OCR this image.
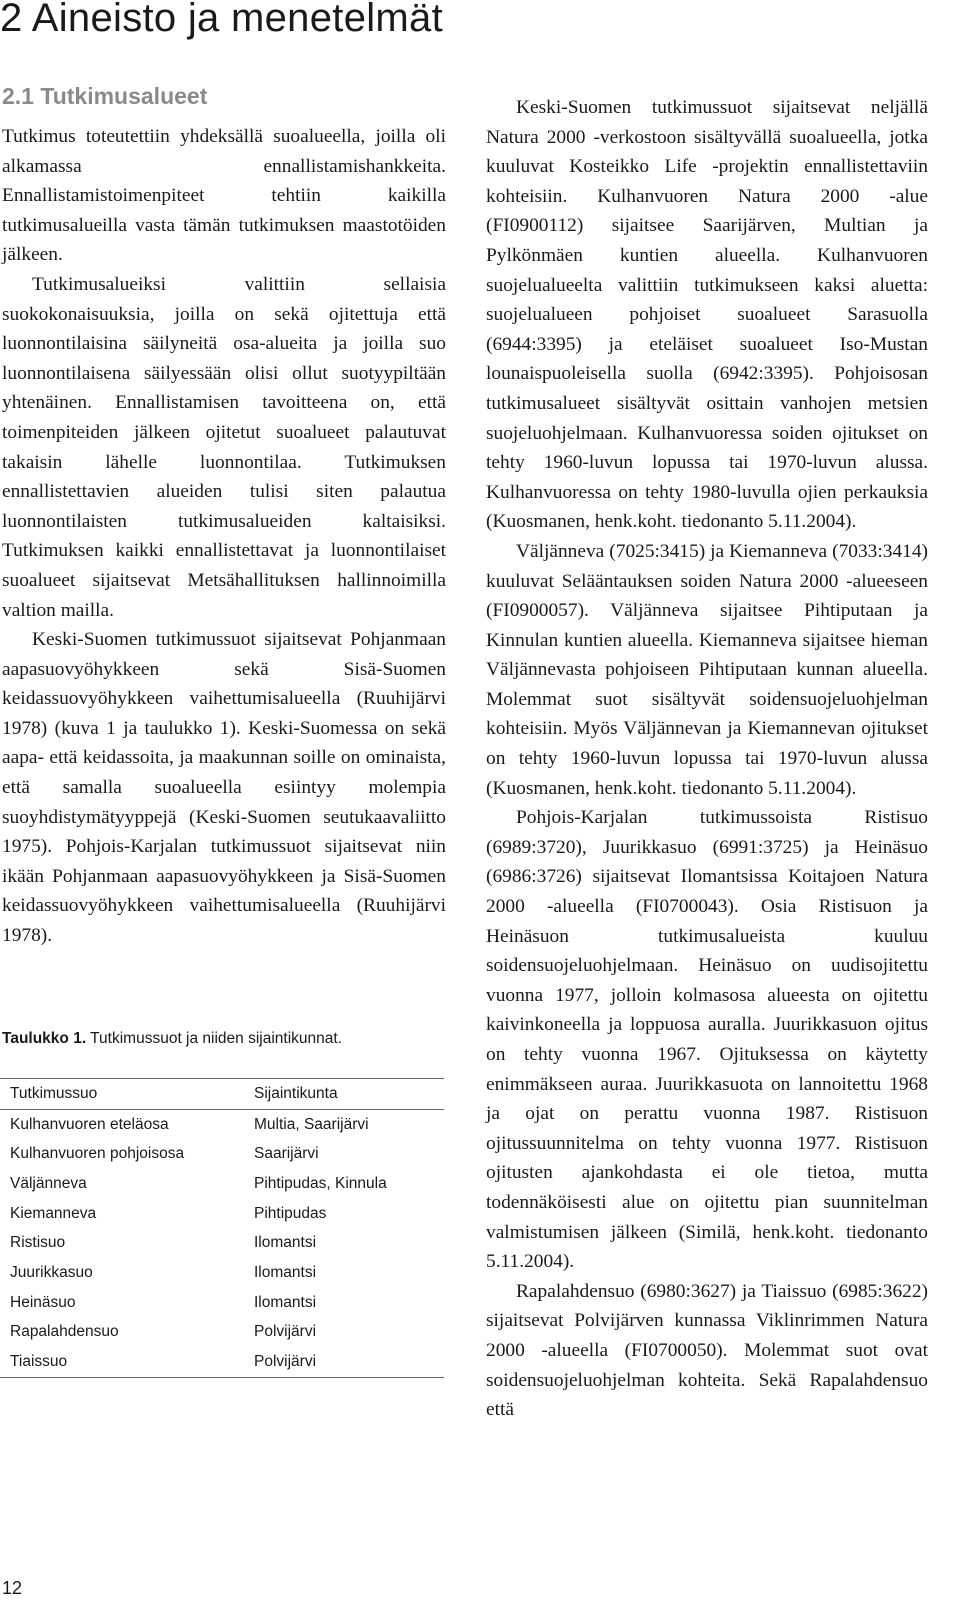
2 Aineisto ja menetelmät
2.1 Tutkimusalueet

Tutkimus toteutettiin yhdeksällä suoalueella, joilla oli alkamassa ennallistamishankkeita. Ennallistamistoimenpiteet tehtiin kaikilla tutkimusalueilla vasta tämän tutkimuksen maastotöiden jälkeen.

Tutkimusalueiksi valittiin sellaisia suokokonaisuuksia, joilla on sekä ojitettuja että luonnontilaisina säilyneitä osa-alueita ja joilla suo luonnontilaisena säilyessään olisi ollut suotyypiltään yhtenäinen. Ennallistamisen tavoitteena on, että toimenpiteiden jälkeen ojitetut suoalueet palautuvat takaisin lähelle luonnontilaa. Tutkimuksen ennallistettavien alueiden tulisi siten palautua luonnontilaisten tutkimusalueiden kaltaisiksi. Tutkimuksen kaikki ennallistettavat ja luonnontilaiset suoalueet sijaitsevat Metsähallituksen hallinnoimilla valtion mailla.

Keski-Suomen tutkimussuot sijaitsevat Pohjanmaan aapasuovyöhykkeen sekä Sisä-Suomen keidassuovyöhykkeen vaihettumisalueella (Ruuhijärvi 1978) (kuva 1 ja taulukko 1). Keski-Suomessa on sekä aapa- että keidassoita, ja maakunnan soille on ominaista, että samalla suoalueella esiintyy molempia suoyhdistymätyyppejä (Keski-Suomen seutukaavaliitto 1975). Pohjois-Karjalan tutkimussuot sijaitsevat niin ikään Pohjanmaan aapasuovyöhykkeen ja Sisä-Suomen keidassuovyöhykkeen vaihettumisalueella (Ruuhijärvi 1978).

Taulukko 1. Tutkimussuot ja niiden sijaintikunnat.

Tutkimussuo	Sijaintikunta
Kulhanvuoren eteläosa	Multia, Saarijärvi
Kulhanvuoren pohjoisosa	Saarijärvi
Väljänneva	Pihtipudas, Kinnula
Kiemanneva	Pihtipudas
Ristisuo	Ilomantsi
Juurikkasuo	Ilomantsi
Heinäsuo	Ilomantsi
Rapalahdensuo	Polvijärvi
Tiaissuo	Polvijärvi

Keski-Suomen tutkimussuot sijaitsevat neljällä Natura 2000 -verkostoon sisältyvällä suoalueella, jotka kuuluvat Kosteikko Life -projektin ennallistettaviin kohteisiin. Kulhanvuoren Natura 2000 -alue (FI0900112) sijaitsee Saarijärven, Multian ja Pylkönmäen kuntien alueella. Kulhanvuoren suojelualueelta valittiin tutkimukseen kaksi aluetta: suojelualueen pohjoiset suoalueet Sarasuolla (6944:3395) ja eteläiset suoalueet Iso-Mustan lounaispuoleisella suolla (6942:3395). Pohjoisosan tutkimusalueet sisältyvät osittain vanhojen metsien suojeluohjelmaan. Kulhanvuoressa soiden ojitukset on tehty 1960-luvun lopussa tai 1970-luvun alussa. Kulhanvuoressa on tehty 1980-luvulla ojien perkauksia (Kuosmanen, henk.koht. tiedonanto 5.11.2004).

Väljänneva (7025:3415) ja Kiemanneva (7033:3414) kuuluvat Selääntauksen soiden Natura 2000 -alueeseen (FI0900057). Väljänneva sijaitsee Pihtiputaan ja Kinnulan kuntien alueella. Kiemanneva sijaitsee hieman Väljännevasta pohjoiseen Pihtiputaan kunnan alueella. Molemmat suot sisältyvät soidensuojeluohjelman kohteisiin. Myös Väljännevan ja Kiemannevan ojitukset on tehty 1960-luvun lopussa tai 1970-luvun alussa (Kuosmanen, henk.koht. tiedonanto 5.11.2004).

Pohjois-Karjalan tutkimussoista Ristisuo (6989:3720), Juurikkasuo (6991:3725) ja Heinäsuo (6986:3726) sijaitsevat Ilomantsissa Koitajoen Natura 2000 -alueella (FI0700043). Osia Ristisuon ja Heinäsuon tutkimusalueista kuuluu soidensuojeluohjelmaan. Heinäsuo on uudisojitettu vuonna 1977, jolloin kolmasosa alueesta on ojitettu kaivinkoneella ja loppuosa auralla. Juurikkasuon ojitus on tehty vuonna 1967. Ojituksessa on käytetty enimmäkseen auraa. Juurikkasuota on lannoitettu 1968 ja ojat on perattu vuonna 1987. Ristisuon ojitussuunnitelma on tehty vuonna 1977. Ristisuon ojitusten ajankohdasta ei ole tietoa, mutta todennäköisesti alue on ojitettu pian suunnitelman valmistumisen jälkeen (Similä, henk.koht. tiedonanto 5.11.2004).

Rapalahdensuo (6980:3627) ja Tiaissuo (6985:3622) sijaitsevat Polvijärven kunnassa Viklinrimmen Natura 2000 -alueella (FI0700050). Molemmat suot ovat soidensuojeluohjelman kohteita. Sekä Rapalahdensuo että

12
